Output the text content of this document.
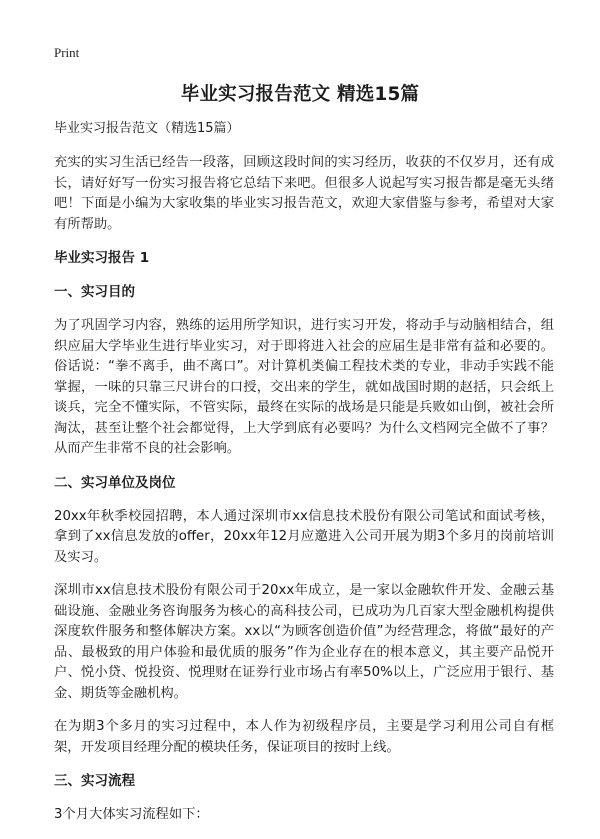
Print
毕业实习报告范文 精选15篇

毕业实习报告范文（精选15篇）

充实的实习生活已经告一段落，回顾这段时间的实习经历，收获的不仅岁月，还有成长，请好好写一份实习报告将它总结下来吧。但很多人说起写实习报告都是毫无头绪吧！下面是小编为大家收集的毕业实习报告范文，欢迎大家借鉴与参考，希望对大家有所帮助。

毕业实习报告 1

一、实习目的

为了巩固学习内容，熟练的运用所学知识，进行实习开发，将动手与动脑相结合，组织应届大学毕业生进行毕业实习，对于即将进入社会的应届生是非常有益和必要的。俗话说：“拳不离手，曲不离口”。对计算机类偏工程技术类的专业，非动手实践不能掌握，一味的只靠三尺讲台的口授，交出来的学生，就如战国时期的赵括，只会纸上谈兵，完全不懂实际，不管实际，最终在实际的战场是只能是兵败如山倒，被社会所淘汰，甚至让整个社会都觉得，上大学到底有必要吗？为什么文档网完全做不了事？从而产生非常不良的社会影响。

二、实习单位及岗位

20xx年秋季校园招聘，本人通过深圳市xx信息技术股份有限公司笔试和面试考核，拿到了xx信息发放的offer，20xx年12月应邀进入公司开展为期3个多月的岗前培训及实习。

深圳市xx信息技术股份有限公司于20xx年成立，是一家以金融软件开发、金融云基础设施、金融业务咨询服务为核心的高科技公司，已成功为几百家大型金融机构提供深度软件服务和整体解决方案。xx以“为顾客创造价值”为经营理念，将做“最好的产品、最极致的用户体验和最优质的服务”作为企业存在的根本意义，其主要产品悦开户、悦小贷、悦投资、悦理财在证券行业市场占有率50%以上，广泛应用于银行、基金、期货等金融机构。

在为期3个多月的实习过程中，本人作为初级程序员，主要是学习利用公司自有框架，开发项目经理分配的模块任务，保证项目的按时上线。

三、实习流程

3个月大体实习流程如下：
